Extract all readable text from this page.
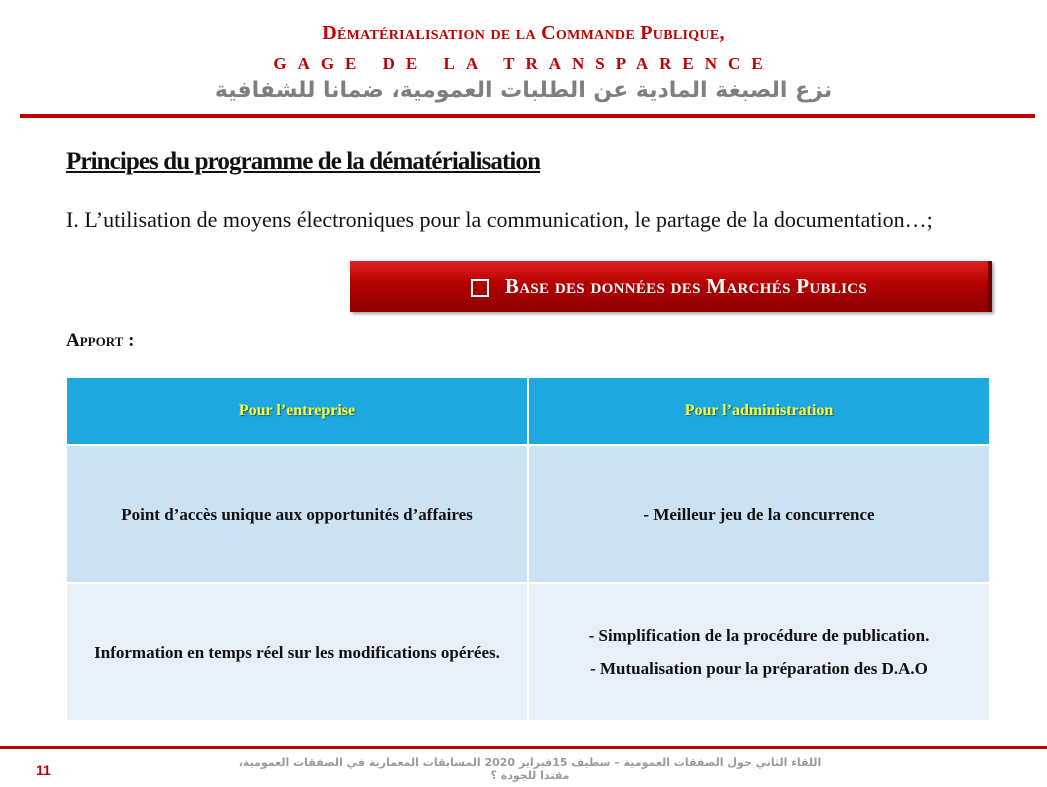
Dématérialisation de la Commande Publique,
GAGE DE LA TRANSPARENCE
نزع الصبغة المادية عن الطلبات العمومية، ضمانا للشفافية
Principes du programme de la dématérialisation
I. L’utilisation de moyens électroniques pour la communication, le partage de la documentation…;
Base des données des Marchés Publics
Apport :
Pour l’entreprise	Pour l’administration

Point d’accès unique aux opportunités d’affaires	- Meilleur jeu de la concurrence

Information en temps réel sur les modifications opérées.	- Simplification de la procédure de publication.
- Mutualisation pour la préparation des D.A.O
11	اللقاء الثاني حول الصفقات العمومية – سطيف 15فبراير 2020 المسابقات المعمارية في الصفقات العمومية، مقتدا للجودة ؟
